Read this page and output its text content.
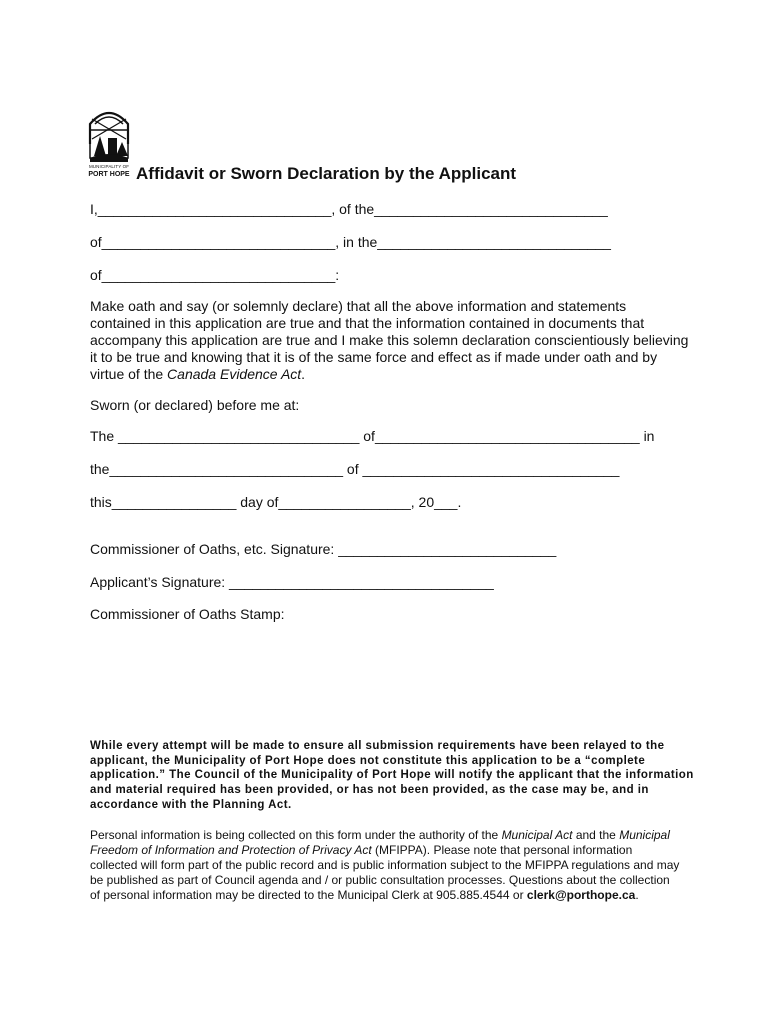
MUNICIPALITY OF
PORT HOPE Affidavit or Sworn Declaration by the Applicant
I,______________________________, of the______________________________
of______________________________, in the______________________________
of______________________________:
Make oath and say (or solemnly declare) that all the above information and statements contained in this application are true and that the information contained in documents that accompany this application are true and I make this solemn declaration conscientiously believing it to be true and knowing that it is of the same force and effect as if made under oath and by virtue of the Canada Evidence Act.
Sworn (or declared) before me at:
The _______________________________ of__________________________________ in
the______________________________ of _________________________________
this________________ day of_________________, 20___.
Commissioner of Oaths, etc. Signature: ____________________________
Applicant’s Signature: __________________________________
Commissioner of Oaths Stamp:
While every attempt will be made to ensure all submission requirements have been relayed to the applicant, the Municipality of Port Hope does not constitute this application to be a “complete application.” The Council of the Municipality of Port Hope will notify the applicant that the information and material required has been provided, or has not been provided, as the case may be, and in accordance with the Planning Act.
Personal information is being collected on this form under the authority of the Municipal Act and the Municipal Freedom of Information and Protection of Privacy Act (MFIPPA). Please note that personal information collected will form part of the public record and is public information subject to the MFIPPA regulations and may be published as part of Council agenda and / or public consultation processes. Questions about the collection of personal information may be directed to the Municipal Clerk at 905.885.4544 or clerk@porthope.ca.
